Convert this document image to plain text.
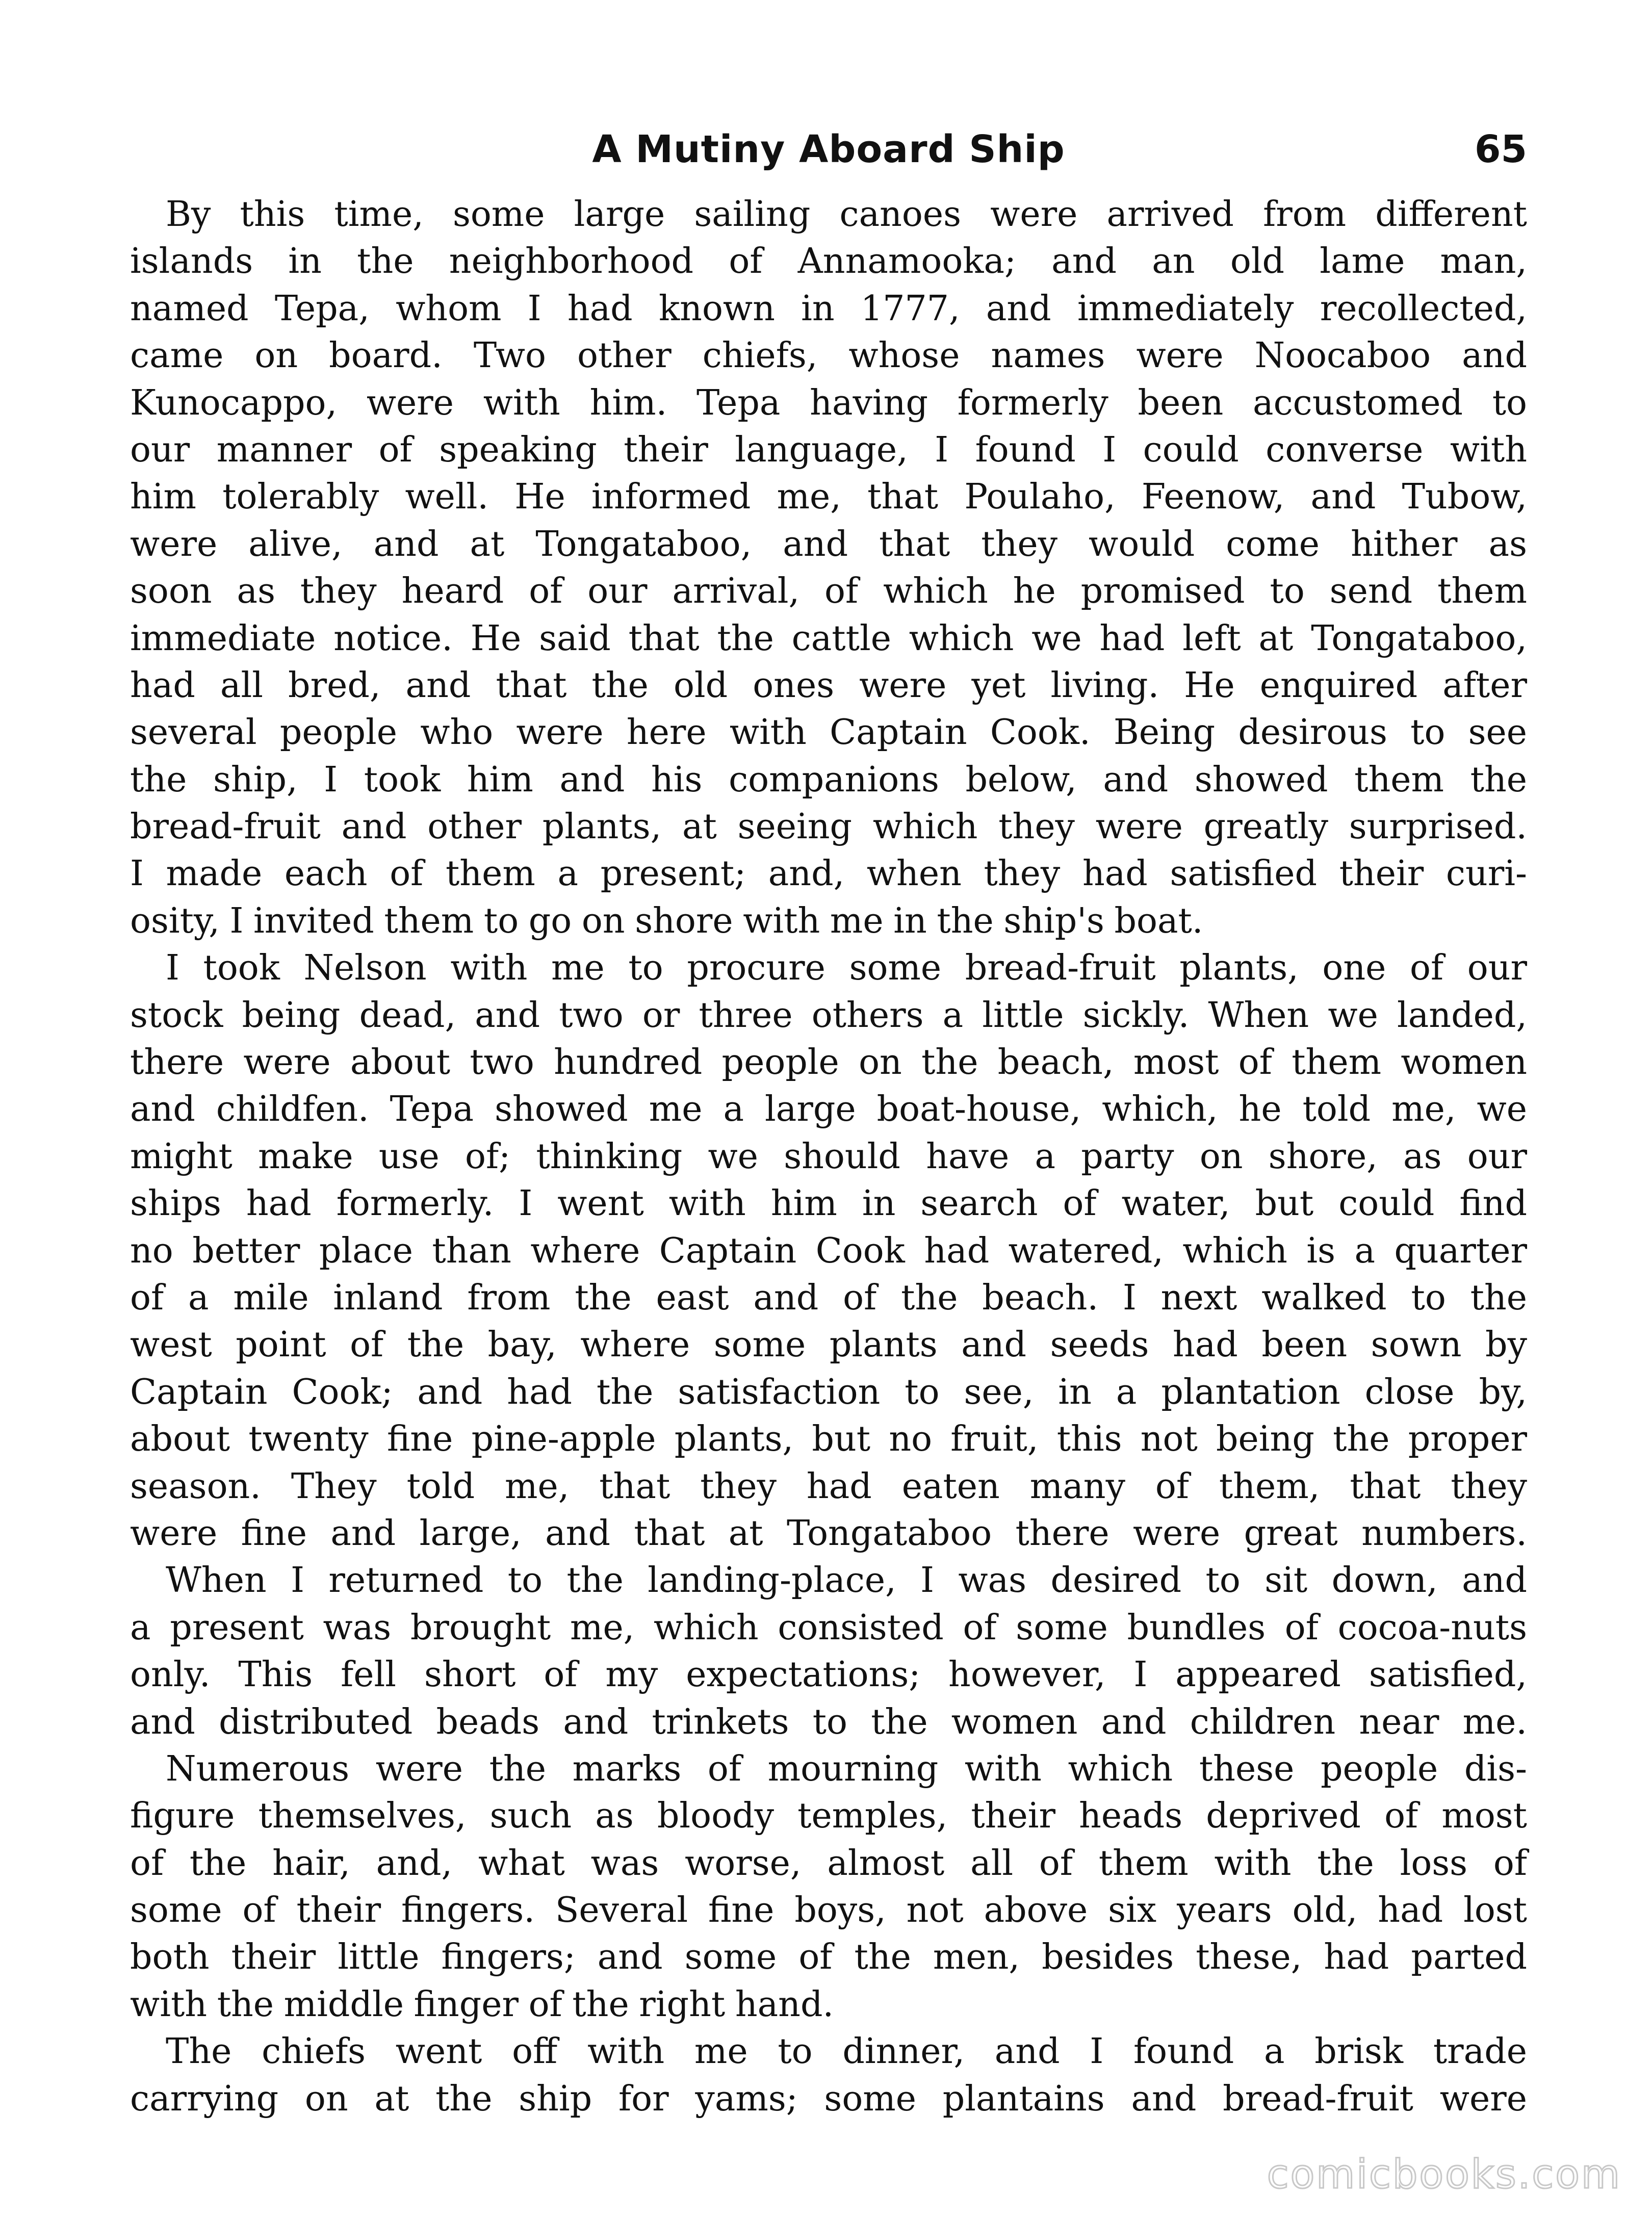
A Mutiny Aboard Ship	65
By this time, some large sailing canoes were arrived from different
islands in the neighborhood of Annamooka; and an old lame man,
named Tepa, whom I had known in 1777, and immediately recollected,
came on board. Two other chiefs, whose names were Noocaboo and
Kunocappo, were with him. Tepa having formerly been accustomed to
our manner of speaking their language, I found I could converse with
him tolerably well. He informed me, that Poulaho, Feenow, and Tubow,
were alive, and at Tongataboo, and that they would come hither as
soon as they heard of our arrival, of which he promised to send them
immediate notice. He said that the cattle which we had left at Tongataboo,
had all bred, and that the old ones were yet living. He enquired after
several people who were here with Captain Cook. Being desirous to see
the ship, I took him and his companions below, and showed them the
bread-fruit and other plants, at seeing which they were greatly surprised.
I made each of them a present; and, when they had satisfied their curi-
osity, I invited them to go on shore with me in the ship's boat.
I took Nelson with me to procure some bread-fruit plants, one of our
stock being dead, and two or three others a little sickly. When we landed,
there were about two hundred people on the beach, most of them women
and childfen. Tepa showed me a large boat-house, which, he told me, we
might make use of; thinking we should have a party on shore, as our
ships had formerly. I went with him in search of water, but could find
no better place than where Captain Cook had watered, which is a quarter
of a mile inland from the east and of the beach. I next walked to the
west point of the bay, where some plants and seeds had been sown by
Captain Cook; and had the satisfaction to see, in a plantation close by,
about twenty fine pine-apple plants, but no fruit, this not being the proper
season. They told me, that they had eaten many of them, that they
were fine and large, and that at Tongataboo there were great numbers.
When I returned to the landing-place, I was desired to sit down, and
a present was brought me, which consisted of some bundles of cocoa-nuts
only. This fell short of my expectations; however, I appeared satisfied,
and distributed beads and trinkets to the women and children near me.
Numerous were the marks of mourning with which these people dis-
figure themselves, such as bloody temples, their heads deprived of most
of the hair, and, what was worse, almost all of them with the loss of
some of their fingers. Several fine boys, not above six years old, had lost
both their little fingers; and some of the men, besides these, had parted
with the middle finger of the right hand.
The chiefs went off with me to dinner, and I found a brisk trade
carrying on at the ship for yams; some plantains and bread-fruit were
comicbooks.com
